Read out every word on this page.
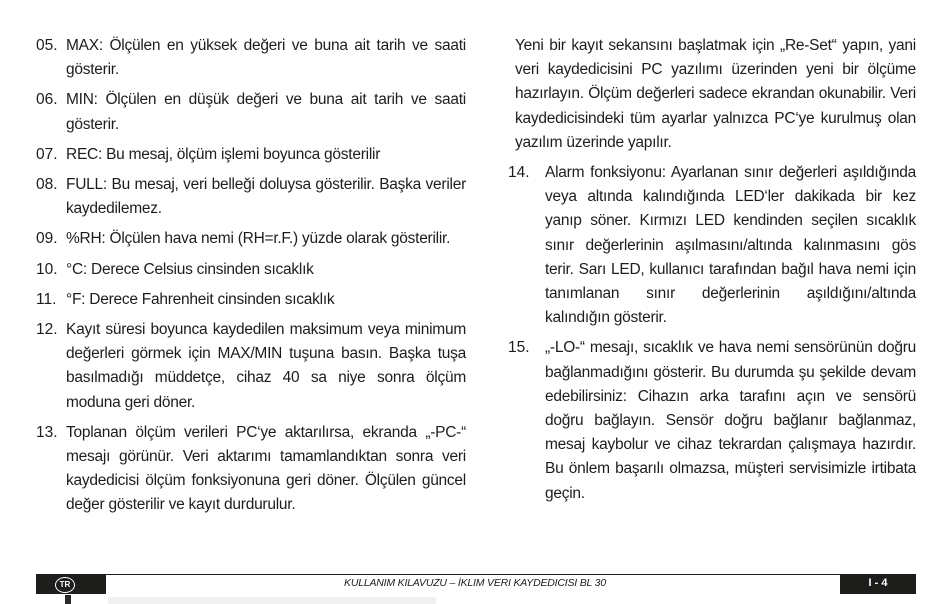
05. MAX: Ölçülen en yüksek değeri ve buna ait tarih ve saati gösterir.
06. MIN: Ölçülen en düşük değeri ve buna ait tarih ve saati gösterir.
07. REC: Bu mesaj, ölçüm işlemi boyunca gösterilir
08. FULL: Bu mesaj, veri belleği doluysa gösterilir. Başka veriler kaydedilemez.
09. %RH: Ölçülen hava nemi (RH=r.F.) yüzde olarak gösterilir.
10. °C: Derece Celsius cinsinden sıcaklık
11. °F: Derece Fahrenheit cinsinden sıcaklık
12. Kayıt süresi boyunca kaydedilen maksimum veya minimum değerleri görmek için MAX/MIN tuşuna basın. Başka tuşa basılmadığı müddetçe, cihaz 40 sa niye sonra ölçüm moduna geri döner.
13. Toplanan ölçüm verileri PC‘ye aktarılırsa, ekranda „-PC-“ mesajı görünür. Veri aktarımı tamamlandıktan sonra veri kaydedicisi ölçüm fonksiyonuna geri döner. Ölçülen güncel değer gösterilir ve kayıt durdurulur.
Yeni bir kayıt sekansını başlatmak için „Re-Set“ yapın, yani veri kaydedicisini PC yazılımı üzerinden yeni bir ölçüme hazırlayın. Ölçüm değerleri sadece ekrandan okunabilir. Veri kaydedicisindeki tüm ayarlar yalnızca PC‘ye kurulmuş olan yazılım üzerinde yapılır.
14. Alarm fonksiyonu: Ayarlanan sınır değerleri aşıldığında veya altında kalındığında LED‘ler dakikada bir kez yanıp söner. Kırmızı LED kendinden seçilen sıcaklık sınır değerlerinin aşılmasını/altında kalınmasını gös terir. Sarı LED, kullanıcı tarafından bağıl hava nemi için tanımlanan sınır değerlerinin aşıldığını/altında kalındığın gösterir.
15. „-LO-“ mesajı, sıcaklık ve hava nemi sensörünün doğru bağlanmadığını gösterir. Bu durumda şu şekilde devam edebilirsiniz: Cihazın arka tarafını açın ve sensörü doğru bağlayın. Sensör doğru bağlanır bağlanmaz, mesaj kaybolur ve cihaz tekrardan çalışmaya hazırdır. Bu önlem başarılı olmazsa, müşteri servisimizle irtibata geçin.
TR	KULLANIM KILAVUZU – İKLIM VERI KAYDEDICISI BL 30	I - 4
